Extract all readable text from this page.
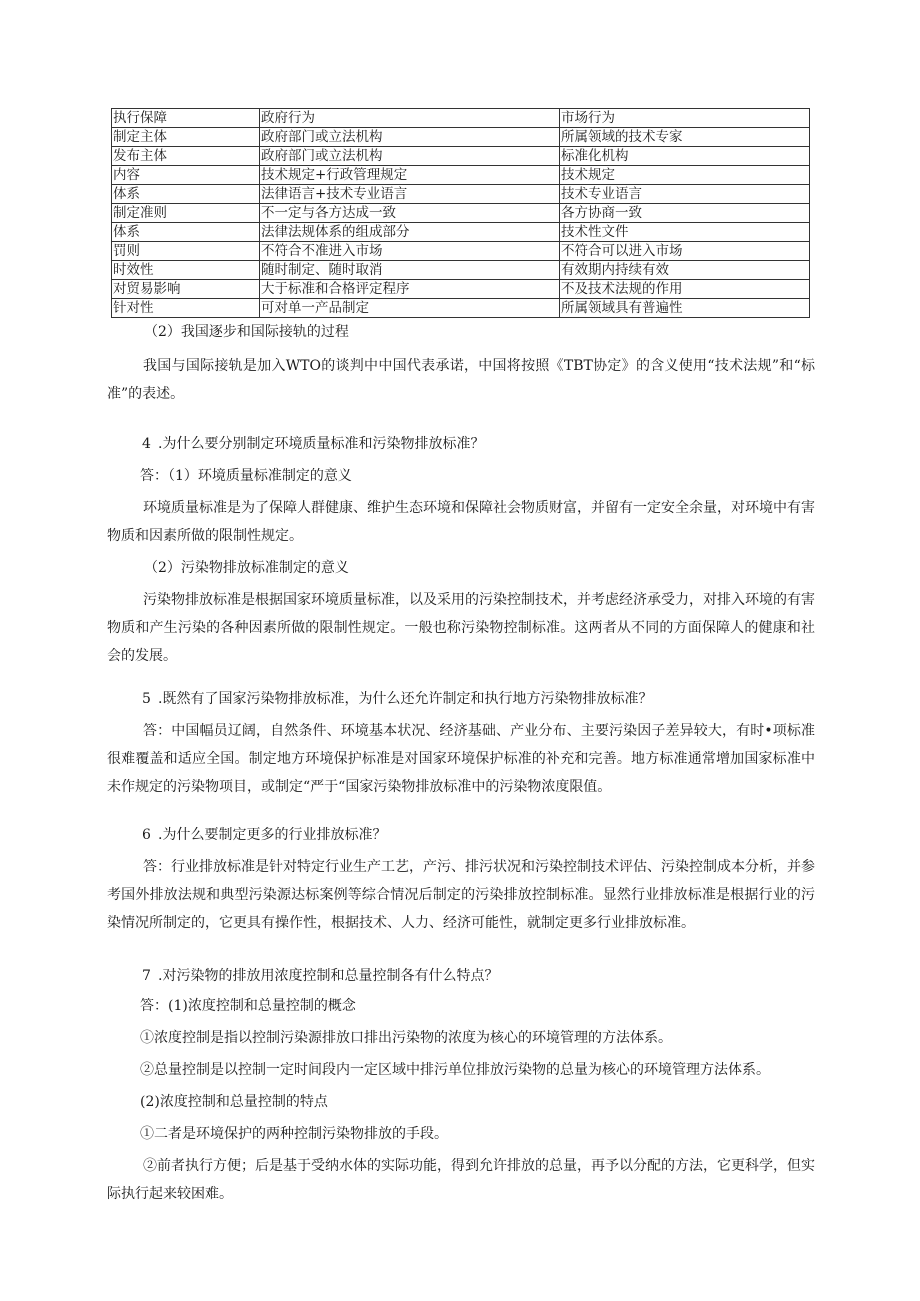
执行保障	政府行为	市场行为
制定主体	政府部门或立法机构	所属领域的技术专家
发布主体	政府部门或立法机构	标准化机构
内容	技术规定+行政管理规定	技术规定
体系	法律语言+技术专业语言	技术专业语言
制定准则	不一定与各方达成一致	各方协商一致
体系	法律法规体系的组成部分	技术性文件
罚则	不符合不准进入市场	不符合可以进入市场
时效性	随时制定、随时取消	有效期内持续有效
对贸易影响	大于标准和合格评定程序	不及技术法规的作用
针对性	可对单一产品制定	所属领域具有普遍性

（2）我国逐步和国际接轨的过程

我国与国际接轨是加入WTO的谈判中中国代表承诺，中国将按照《TBT协定》的含义使用“技术法规”和“标准”的表述。

4 .为什么要分别制定环境质量标准和污染物排放标准？

答：（1）环境质量标准制定的意义

环境质量标准是为了保障人群健康、维护生态环境和保障社会物质财富，并留有一定安全余量，对环境中有害物质和因素所做的限制性规定。

（2）污染物排放标准制定的意义

污染物排放标准是根据国家环境质量标准，以及采用的污染控制技术，并考虑经济承受力，对排入环境的有害物质和产生污染的各种因素所做的限制性规定。一般也称污染物控制标准。这两者从不同的方面保障人的健康和社会的发展。

5 .既然有了国家污染物排放标准，为什么还允许制定和执行地方污染物排放标准？

答：中国幅员辽阔，自然条件、环境基本状况、经济基础、产业分布、主要污染因子差异较大，有时•项标准很难覆盖和适应全国。制定地方环境保护标准是对国家环境保护标准的补充和完善。地方标准通常增加国家标准中未作规定的污染物项目，或制定“严于“国家污染物排放标准中的污染物浓度限值。

6 .为什么要制定更多的行业排放标准？

答：行业排放标准是针对特定行业生产工艺，产污、排污状况和污染控制技术评估、污染控制成本分析，并参考国外排放法规和典型污染源达标案例等综合情况后制定的污染排放控制标准。显然行业排放标准是根据行业的污染情况所制定的，它更具有操作性，根据技术、人力、经济可能性，就制定更多行业排放标准。

7 .对污染物的排放用浓度控制和总量控制各有什么特点？

答：(1)浓度控制和总量控制的概念

①浓度控制是指以控制污染源排放口排出污染物的浓度为核心的环境管理的方法体系。

②总量控制是以控制一定时间段内一定区域中排污单位排放污染物的总量为核心的环境管理方法体系。

(2)浓度控制和总量控制的特点

①二者是环境保护的两种控制污染物排放的手段。

②前者执行方便；后是基于受纳水体的实际功能，得到允许排放的总量，再予以分配的方法，它更科学，但实际执行起来较困难。
